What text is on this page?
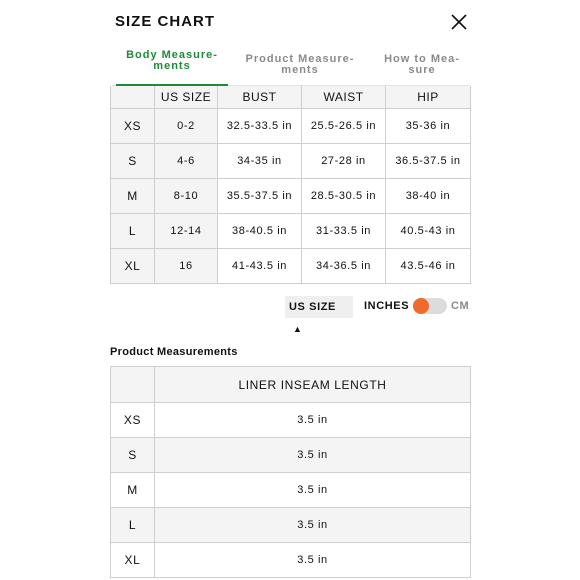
SIZE CHART
Body Measure-
ments
Product Measure-
ments
How to Mea-
sure
	US SIZE	BUST	WAIST	HIP
XS	0-2	32.5-33.5 in	25.5-26.5 in	35-36 in
S	4-6	34-35 in	27-28 in	36.5-37.5 in
M	8-10	35.5-37.5 in	28.5-30.5 in	38-40 in
L	12-14	38-40.5 in	31-33.5 in	40.5-43 in
XL	16	41-43.5 in	34-36.5 in	43.5-46 in
US SIZE▲
INCHES	CM
Product Measurements
	LINER INSEAM LENGTH
XS	3.5 in
S	3.5 in
M	3.5 in
L	3.5 in
XL	3.5 in
